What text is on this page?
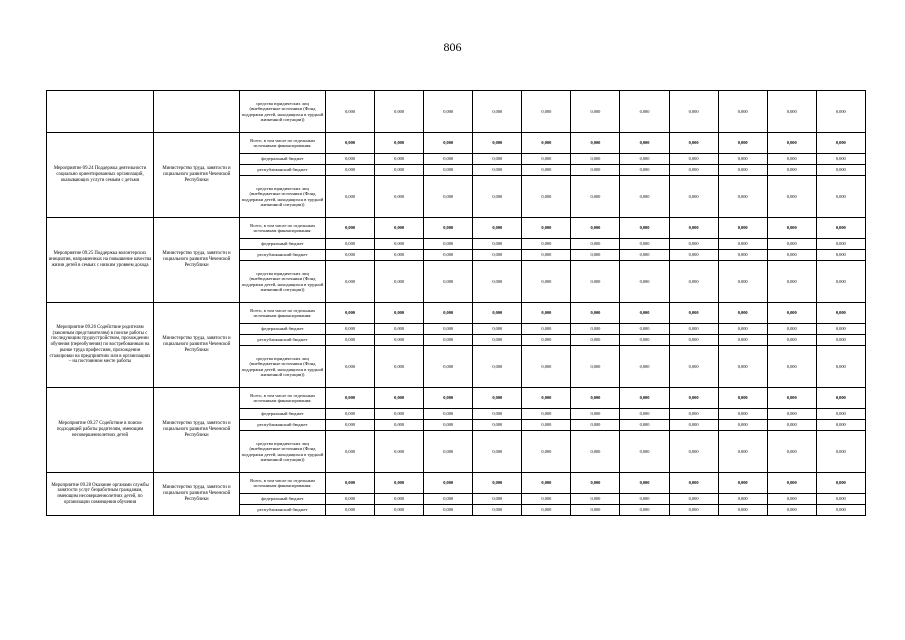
806
		средства юридических лиц (внебюджетные источники (Фонд поддержки детей, находящихся в трудной жизненной ситуации))	0,000	0,000	0,000	0,000	0,000	0,000	0,000	0,000	0,000	0,000	0,000
Мероприятие 09.24 Поддержка деятельности социально ориентированных организаций, оказывающих услуги семьям с детьми	Министерство труда, занятости и социального развития Чеченской Республики	Всего, в том числе по отдельным источникам финансирования:	0,000	0,000	0,000	0,000	0,000	0,000	0,000	0,000	0,000	0,000	0,000
		федеральный бюджет	0,000	0,000	0,000	0,000	0,000	0,000	0,000	0,000	0,000	0,000	0,000
		республиканский бюджет	0,000	0,000	0,000	0,000	0,000	0,000	0,000	0,000	0,000	0,000	0,000
		средства юридических лиц (внебюджетные источники (Фонд поддержки детей, находящихся в трудной жизненной ситуации))	0,000	0,000	0,000	0,000	0,000	0,000	0,000	0,000	0,000	0,000	0,000
Мероприятие 09.25 Поддержка волонтерских инициатив, направленных на повышение качества жизни детей в семьях с низким уровнем дохода	Министерство труда, занятости и социального развития Чеченской Республики	Всего, в том числе по отдельным источникам финансирования:	0,000	0,000	0,000	0,000	0,000	0,000	0,000	0,000	0,000	0,000	0,000
		федеральный бюджет	0,000	0,000	0,000	0,000	0,000	0,000	0,000	0,000	0,000	0,000	0,000
		республиканский бюджет	0,000	0,000	0,000	0,000	0,000	0,000	0,000	0,000	0,000	0,000	0,000
		средства юридических лиц (внебюджетные источники (Фонд поддержки детей, находящихся в трудной жизненной ситуации))	0,000	0,000	0,000	0,000	0,000	0,000	0,000	0,000	0,000	0,000	0,000
Мероприятие 09.26 Содействие родителям (законным представителям) в поиске работы с последующим трудоустройством, прохождении обучения (переобучения) по востребованным на рынке труда профессиям, прохождении стажировки на предприятиях или в организациях – на постоянном месте работы	Министерство труда, занятости и социального развития Чеченской Республики	Всего, в том числе по отдельным источникам финансирования:	0,000	0,000	0,000	0,000	0,000	0,000	0,000	0,000	0,000	0,000	0,000
		федеральный бюджет	0,000	0,000	0,000	0,000	0,000	0,000	0,000	0,000	0,000	0,000	0,000
		республиканский бюджет	0,000	0,000	0,000	0,000	0,000	0,000	0,000	0,000	0,000	0,000	0,000
		средства юридических лиц (внебюджетные источники (Фонд поддержки детей, находящихся в трудной жизненной ситуации))	0,000	0,000	0,000	0,000	0,000	0,000	0,000	0,000	0,000	0,000	0,000
Мероприятие 09.27 Содействие в поиске подходящей работы родителям, имеющим несовершеннолетних детей	Министерство труда, занятости и социального развития Чеченской Республики	Всего, в том числе по отдельным источникам финансирования:	0,000	0,000	0,000	0,000	0,000	0,000	0,000	0,000	0,000	0,000	0,000
		федеральный бюджет	0,000	0,000	0,000	0,000	0,000	0,000	0,000	0,000	0,000	0,000	0,000
		республиканский бюджет	0,000	0,000	0,000	0,000	0,000	0,000	0,000	0,000	0,000	0,000	0,000
		средства юридических лиц (внебюджетные источники (Фонд поддержки детей, находящихся в трудной жизненной ситуации))	0,000	0,000	0,000	0,000	0,000	0,000	0,000	0,000	0,000	0,000	0,000
Мероприятие 09.28 Оказание органами службы занятости услуг безработным гражданам, имеющим несовершеннолетних детей, по организации совмещения обучения	Министерство труда, занятости и социального развития Чеченской Республики	Всего, в том числе по отдельным источникам финансирования:	0,000	0,000	0,000	0,000	0,000	0,000	0,000	0,000	0,000	0,000	0,000
		федеральный бюджет	0,000	0,000	0,000	0,000	0,000	0,000	0,000	0,000	0,000	0,000	0,000
		республиканский бюджет	0,000	0,000	0,000	0,000	0,000	0,000	0,000	0,000	0,000	0,000	0,000
